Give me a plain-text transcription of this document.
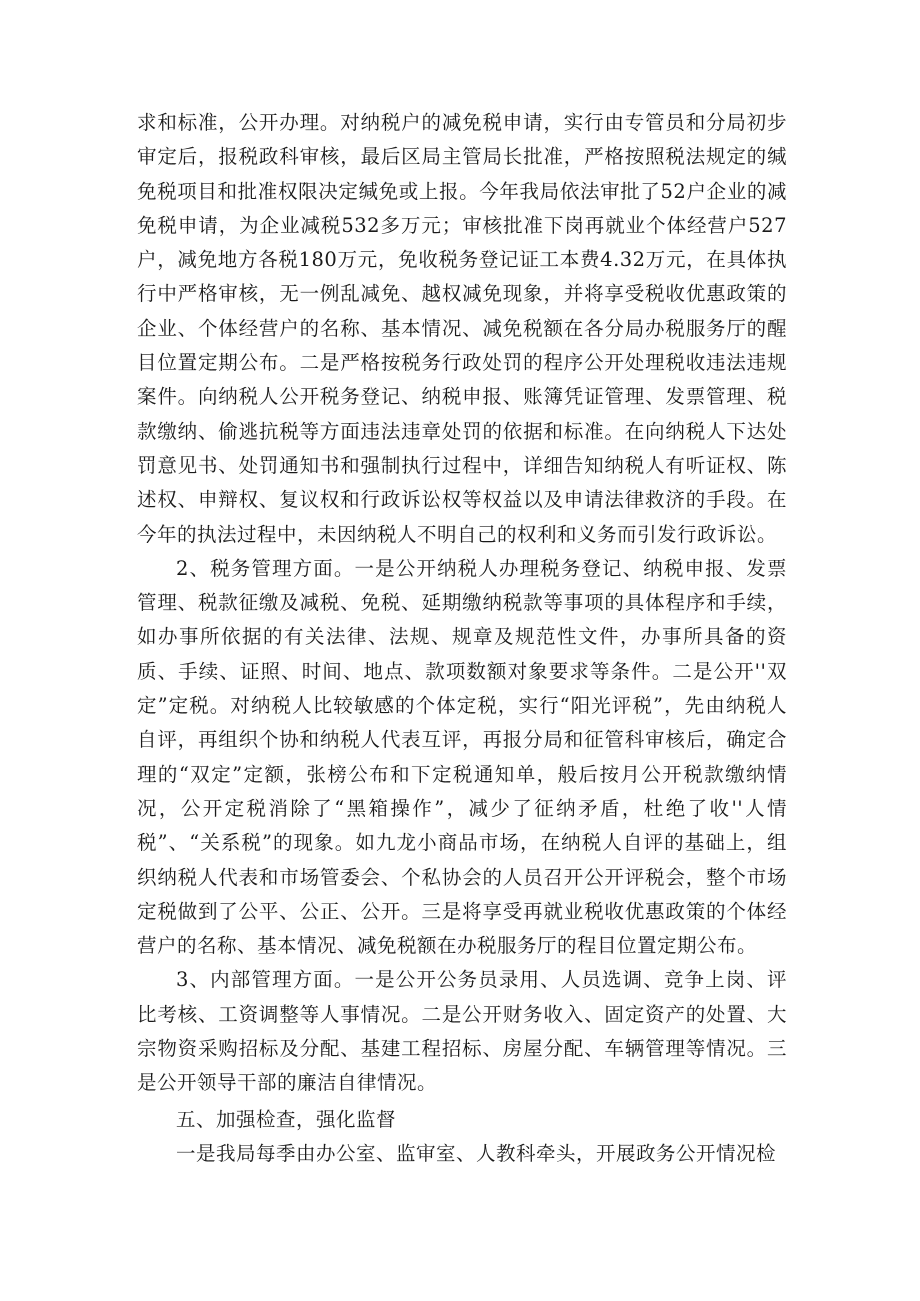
求和标准，公开办理。对纳税户的减免税申请，实行由专管员和分局初步审定后，报税政科审核，最后区局主管局长批准，严格按照税法规定的缄免税项目和批准权限决定缄免或上报。今年我局依法审批了52户企业的减免税申请，为企业减税532多万元；审核批准下岗再就业个体经营户527户，减免地方各税180万元，免收税务登记证工本费4.32万元，在具体执行中严格审核，无一例乱减免、越权减免现象，并将享受税收优惠政策的企业、个体经营户的名称、基本情况、减免税额在各分局办税服务厅的醒目位置定期公布。二是严格按税务行政处罚的程序公开处理税收违法违规案件。向纳税人公开税务登记、纳税申报、账簿凭证管理、发票管理、税款缴纳、偷逃抗税等方面违法违章处罚的依据和标准。在向纳税人下达处罚意见书、处罚通知书和强制执行过程中，详细告知纳税人有听证权、陈述权、申辩权、复议权和行政诉讼权等权益以及申请法律救济的手段。在今年的执法过程中，未因纳税人不明自己的权利和义务而引发行政诉讼。

2、税务管理方面。一是公开纳税人办理税务登记、纳税申报、发票管理、税款征缴及减税、免税、延期缴纳税款等事项的具体程序和手续，如办事所依据的有关法律、法规、规章及规范性文件，办事所具备的资质、手续、证照、时间、地点、款项数额对象要求等条件。二是公开''双定”定税。对纳税人比较敏感的个体定税，实行“阳光评税”，先由纳税人自评，再组织个协和纳税人代表互评，再报分局和征管科审核后，确定合理的“双定”定额，张榜公布和下定税通知单，般后按月公开税款缴纳情况，公开定税消除了“黑箱操作”，减少了征纳矛盾，杜绝了收''人情税”、“关系税”的现象。如九龙小商品市场，在纳税人自评的基础上，组织纳税人代表和市场管委会、个私协会的人员召开公开评税会，整个市场定税做到了公平、公正、公开。三是将享受再就业税收优惠政策的个体经营户的名称、基本情况、减免税额在办税服务厅的程目位置定期公布。

3、内部管理方面。一是公开公务员录用、人员选调、竞争上岗、评比考核、工资调整等人事情况。二是公开财务收入、固定资产的处置、大宗物资采购招标及分配、基建工程招标、房屋分配、车辆管理等情况。三是公开领导干部的廉洁自律情况。

五、加强检查，强化监督

一是我局每季由办公室、监审室、人教科牵头，开展政务公开情况检
